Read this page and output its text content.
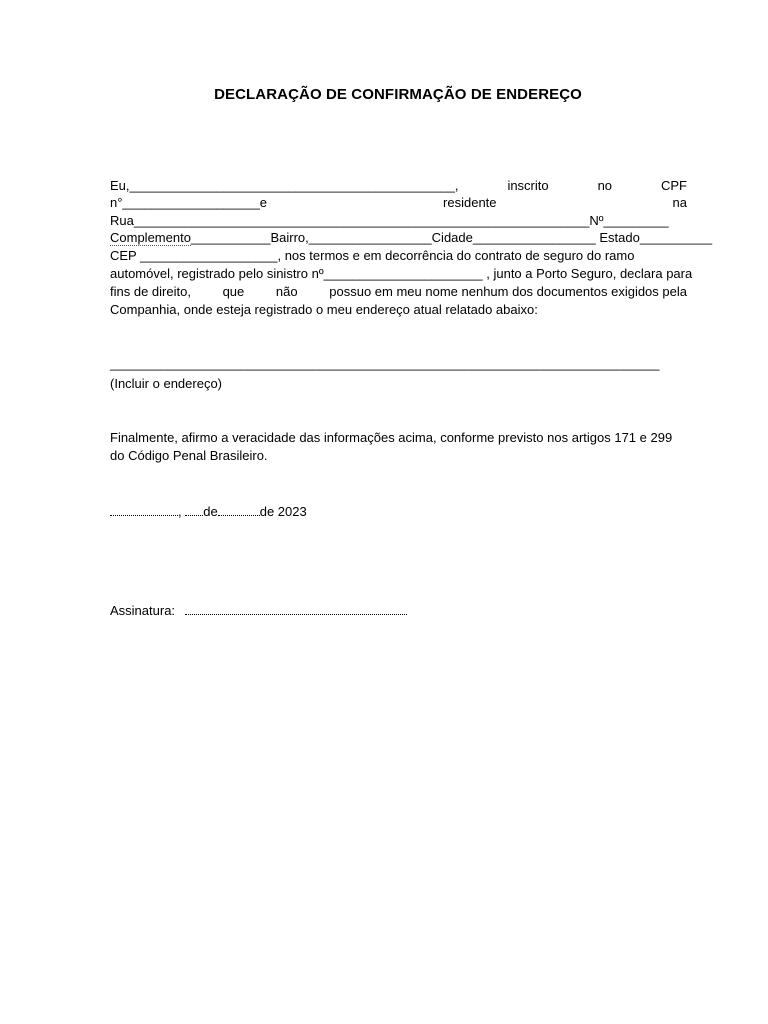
DECLARAÇÃO DE CONFIRMAÇÃO DE ENDEREÇO
Eu,_____________________________________________,	inscrito	no	CPF
n°___________________e	residente	na
Rua_______________________________________________________________Nº_________
Complemento___________Bairro,_________________Cidade_________________ Estado__________
CEP ___________________, nos termos e em decorrência do contrato de seguro do ramo
automóvel, registrado pelo sinistro nº______________________ , junto a Porto Seguro, declara para
fins de direito, que não possuo em meu nome nenhum dos documentos exigidos pela
Companhia, onde esteja registrado o meu endereço atual relatado abaixo:
____________________________________________________________________________
(Incluir o endereço)
Finalmente, afirmo a veracidade das informações acima, conforme previsto nos artigos 171 e 299
do Código Penal Brasileiro.
, de	de 2023
Assinatura:
